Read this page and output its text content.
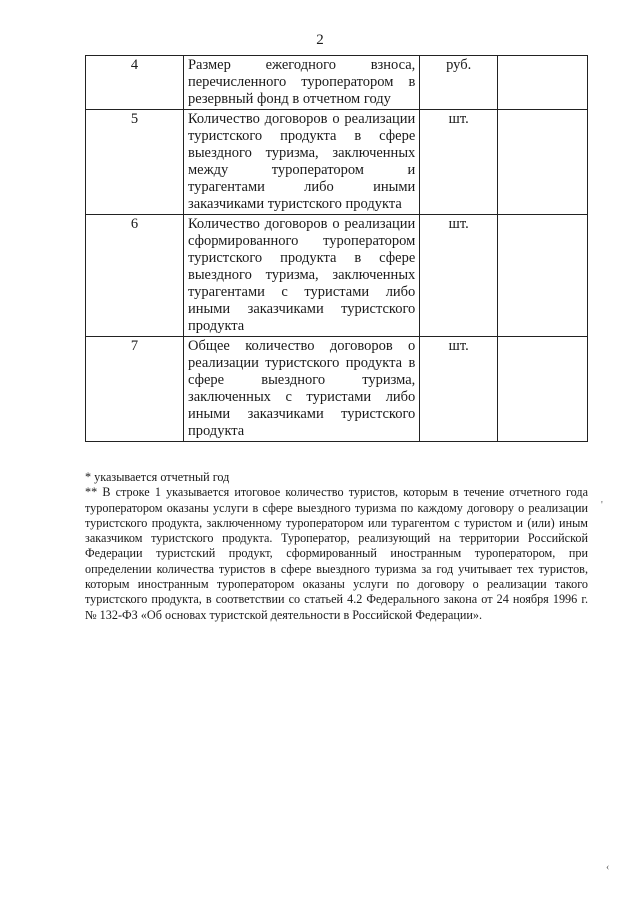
2
4	Размер ежегодного взноса, перечисленного туроператором в резервный фонд в отчетном году	руб.	
5	Количество договоров о реализации туристского продукта в сфере выездного туризма, заключенных между туроператором и турагентами либо иными заказчиками туристского продукта	шт.	
6	Количество договоров о реализации сформированного туроператором туристского продукта в сфере выездного туризма, заключенных турагентами с туристами либо иными заказчиками туристского продукта	шт.	
7	Общее количество договоров о реализации туристского продукта в сфере выездного туризма, заключенных с туристами либо иными заказчиками туристского продукта	шт.	

* указывается отчетный год

** В строке 1 указывается итоговое количество туристов, которым в течение отчетного года туроператором оказаны услуги в сфере выездного туризма по каждому договору о реализации туристского продукта, заключенному туроператором или турагентом с туристом и (или) иным заказчиком туристского продукта. Туроператор, реализующий на территории Российской Федерации туристский продукт, сформированный иностранным туроператором, при определении количества туристов в сфере выездного туризма за год учитывает тех туристов, которым иностранным туроператором оказаны услуги по договору о реализации такого туристского продукта, в соответствии со статьей 4.2 Федерального закона от 24 ноября 1996 г. № 132-ФЗ «Об основах туристской деятельности в Российской Федерации».

'
‹
